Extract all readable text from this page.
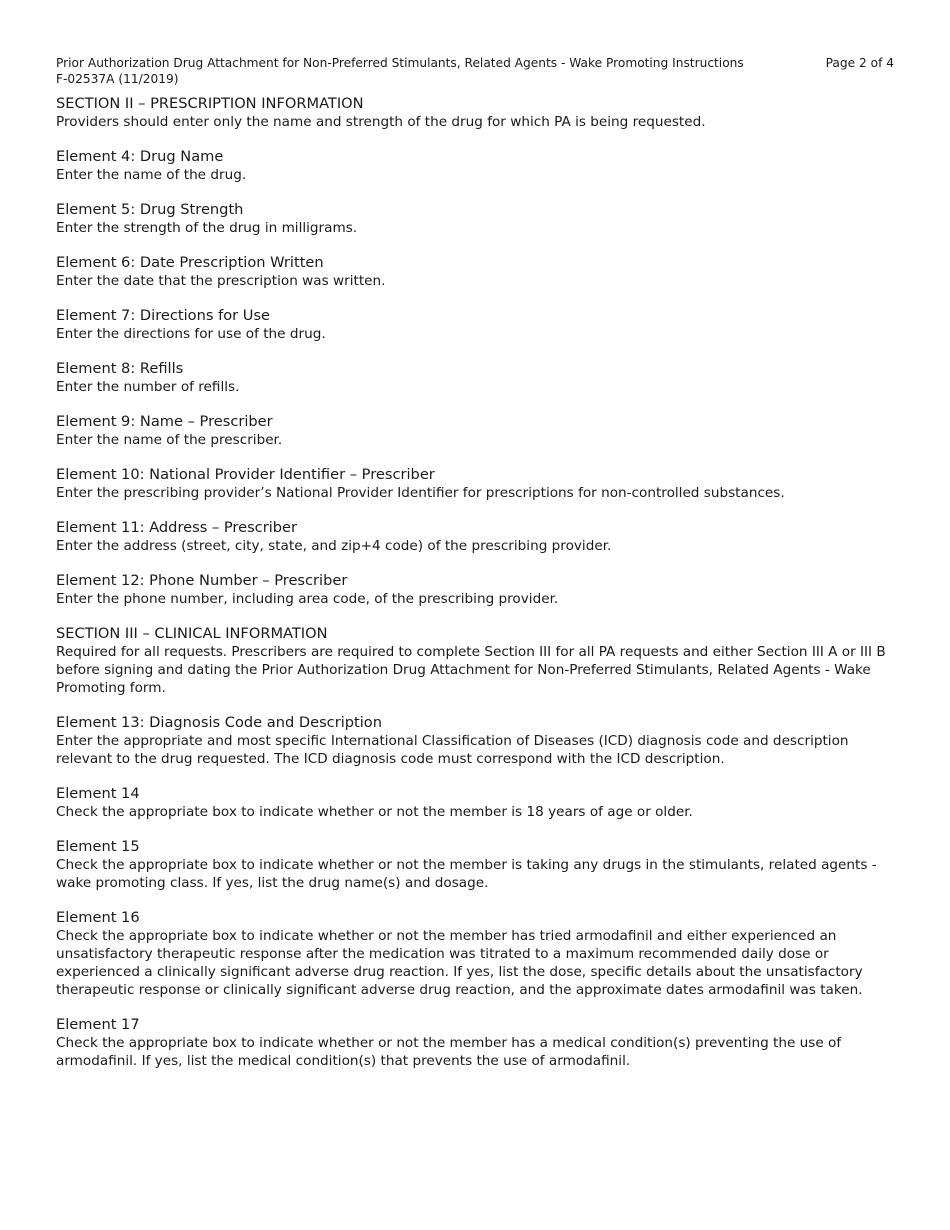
Prior Authorization Drug Attachment for Non-Preferred Stimulants, Related Agents - Wake Promoting Instructions
F-02537A (11/2019)
Page 2 of 4
SECTION II – PRESCRIPTION INFORMATION
Providers should enter only the name and strength of the drug for which PA is being requested.
Element 4: Drug Name
Enter the name of the drug.
Element 5: Drug Strength
Enter the strength of the drug in milligrams.
Element 6: Date Prescription Written
Enter the date that the prescription was written.
Element 7: Directions for Use
Enter the directions for use of the drug.
Element 8: Refills
Enter the number of refills.
Element 9: Name – Prescriber
Enter the name of the prescriber.
Element 10: National Provider Identifier – Prescriber
Enter the prescribing provider’s National Provider Identifier for prescriptions for non-controlled substances.
Element 11: Address – Prescriber
Enter the address (street, city, state, and zip+4 code) of the prescribing provider.
Element 12: Phone Number – Prescriber
Enter the phone number, including area code, of the prescribing provider.
SECTION III – CLINICAL INFORMATION
Required for all requests. Prescribers are required to complete Section III for all PA requests and either Section III A or III B before signing and dating the Prior Authorization Drug Attachment for Non-Preferred Stimulants, Related Agents - Wake Promoting form.
Element 13: Diagnosis Code and Description
Enter the appropriate and most specific International Classification of Diseases (ICD) diagnosis code and description relevant to the drug requested. The ICD diagnosis code must correspond with the ICD description.
Element 14
Check the appropriate box to indicate whether or not the member is 18 years of age or older.
Element 15
Check the appropriate box to indicate whether or not the member is taking any drugs in the stimulants, related agents - wake promoting class. If yes, list the drug name(s) and dosage.
Element 16
Check the appropriate box to indicate whether or not the member has tried armodafinil and either experienced an unsatisfactory therapeutic response after the medication was titrated to a maximum recommended daily dose or experienced a clinically significant adverse drug reaction. If yes, list the dose, specific details about the unsatisfactory therapeutic response or clinically significant adverse drug reaction, and the approximate dates armodafinil was taken.
Element 17
Check the appropriate box to indicate whether or not the member has a medical condition(s) preventing the use of armodafinil. If yes, list the medical condition(s) that prevents the use of armodafinil.
